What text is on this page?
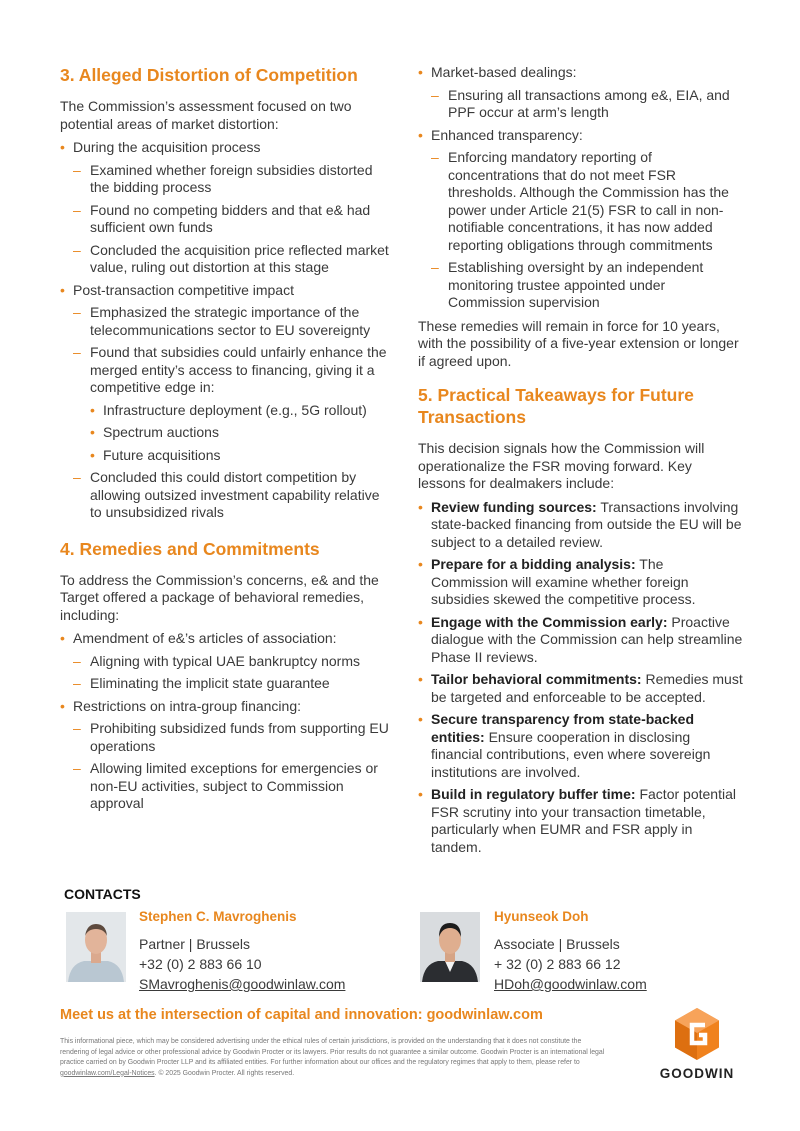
3. Alleged Distortion of Competition

The Commission’s assessment focused on two potential areas of market distortion:

• During the acquisition process
– Examined whether foreign subsidies distorted the bidding process
– Found no competing bidders and that e& had sufficient own funds
– Concluded the acquisition price reflected market value, ruling out distortion at this stage
• Post-transaction competitive impact
– Emphasized the strategic importance of the telecommunications sector to EU sovereignty
– Found that subsidies could unfairly enhance the merged entity’s access to financing, giving it a competitive edge in:
• Infrastructure deployment (e.g., 5G rollout)
• Spectrum auctions
• Future acquisitions
– Concluded this could distort competition by allowing outsized investment capability relative to unsubsidized rivals
4. Remedies and Commitments

To address the Commission’s concerns, e& and the Target offered a package of behavioral remedies, including:

• Amendment of e&’s articles of association:
– Aligning with typical UAE bankruptcy norms
– Eliminating the implicit state guarantee
• Restrictions on intra-group financing:
– Prohibiting subsidized funds from supporting EU operations
– Allowing limited exceptions for emergencies or non-EU activities, subject to Commission approval
• Market-based dealings:
– Ensuring all transactions among e&, EIA, and PPF occur at arm’s length
• Enhanced transparency:
– Enforcing mandatory reporting of concentrations that do not meet FSR thresholds. Although the Commission has the power under Article 21(5) FSR to call in non-notifiable concentrations, it has now added reporting obligations through commitments
– Establishing oversight by an independent monitoring trustee appointed under Commission supervision

These remedies will remain in force for 10 years, with the possibility of a five-year extension or longer if agreed upon.

5. Practical Takeaways for Future Transactions

This decision signals how the Commission will operationalize the FSR moving forward. Key lessons for dealmakers include:

• Review funding sources: Transactions involving state-backed financing from outside the EU will be subject to a detailed review.
• Prepare for a bidding analysis: The Commission will examine whether foreign subsidies skewed the competitive process.
• Engage with the Commission early: Proactive dialogue with the Commission can help streamline Phase II reviews.
• Tailor behavioral commitments: Remedies must be targeted and enforceable to be accepted.
• Secure transparency from state-backed entities: Ensure cooperation in disclosing financial contributions, even where sovereign institutions are involved.
• Build in regulatory buffer time: Factor potential FSR scrutiny into your transaction timetable, particularly when EUMR and FSR apply in tandem.

CONTACTS

Stephen C. Mavroghenis
Partner | Brussels
+32 (0) 2 883 66 10
SMavroghenis@goodwinlaw.com
Hyunseok Doh
Associate | Brussels
+ 32 (0) 2 883 66 12
HDoh@goodwinlaw.com

Meet us at the intersection of capital and innovation: goodwinlaw.com

This informational piece, which may be considered advertising under the ethical rules of certain jurisdictions, is provided on the understanding that it does not constitute the rendering of legal advice or other professional advice by Goodwin Procter or its lawyers. Prior results do not guarantee a similar outcome. Goodwin Procter is an international legal practice carried on by Goodwin Procter LLP and its affiliated entities. For further information about our offices and the regulatory regimes that apply to them, please refer to goodwinlaw.com/Legal-Notices. © 2025 Goodwin Procter. All rights reserved.	GOODWIN
